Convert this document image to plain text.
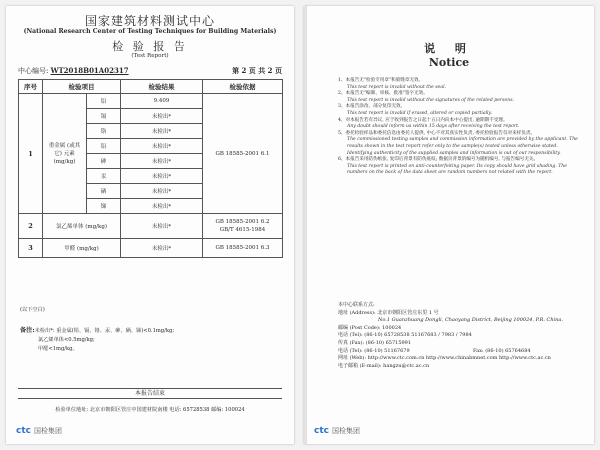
国家建筑材料测试中心
(National Research Center of Testing Techniques for Building Materials)
检 验 报 告
(Test Report)
中心编号: WT2018B01A02317	第 2 页 共 2 页
序号	检验项目		检验结果	检验依据
1	重金属 (或其它) 元素 (mg/kg)	铅	9.409	GB 18585-2001 6.1
		镉	未检出*	
		铬	未检出*	
		铅	未检出*	
		砷	未检出*	
		汞	未检出*	
		硒	未检出*	
		锑	未检出*	
2	氯乙烯单体 (mg/kg)		未检出*	GB 18585-2001 6.2
GB/T 4615-1984

3	甲醛 (mg/kg)		未检出*	GB 18585-2001 6.3
(以下空白)
备注:未检出*: 重金属(铅、镉、铬、汞、砷、硒、锑)<0.1mg/kg;
氯乙烯单体<0.5mg/kg;
甲醛<1mg/kg。
本报告结束
检验单位地址: 北京市朝阳区管庄中国建材院南楼 电话: 65728538 邮编: 100024
ctc 国检集团
说 明
Notice
1、本报告无"检验专用章"和骑缝章无效。
This test report is invalid without the seal.
2、本报告无"编制、审核、批准"签字无效。
This test report is invalid without the signatures of the related persons.
3、本报告涂改、部分复印无效。
This test report is invalid if erased, altered or copied partially.
4、对本报告若有异议, 应于收到报告之日起十五日内向本中心提出, 逾期期不受理。
Any doubt should inform us within 15 days after receiving the test report.
5、委托检验样品和委托信息由委托人提供, 中心不对其真实性负责, 委托检验报告仅对来样负责。
The commissioned testing samples and commission information are provided by the applicant. The results shown in the test report refer only to the sample(s) tested unless otherwise stated. Identifying authenticity of the supplied samples and information is out of our responsibility.
6、本报告采用防伪纸张, 复印后背景有防伪底纹; 数据页背景的编号为随机编号, 与报告编号无关。
This test report is printed on anti-counterfeiting paper. Its copy should have grid shading. The numbers on the back of the data sheet are random numbers not related with the report.
本中心联系方式:
地址 (Address): 北京市朝阳区管庄东里 1 号
No.1 Guanzhuang Dongli, Chaoyang District, Beijing 100024, P.R. China.
邮编 (Post Code): 100024
电话 (Tel): (86-10) 65728538 51167683 / 7983 / 7984
传真 (Fax): (86-10) 65715991
电话 (Tel): (86-10) 51167679	Fax: (86-10) 65764684
网址 (Web): http://www.ctc.com.cn http://www.chinabmnet.com http://www.ctc.ac.cn
电子邮箱 (E-mail): hangzu@ctc.ac.cn
ctc 国检集团
